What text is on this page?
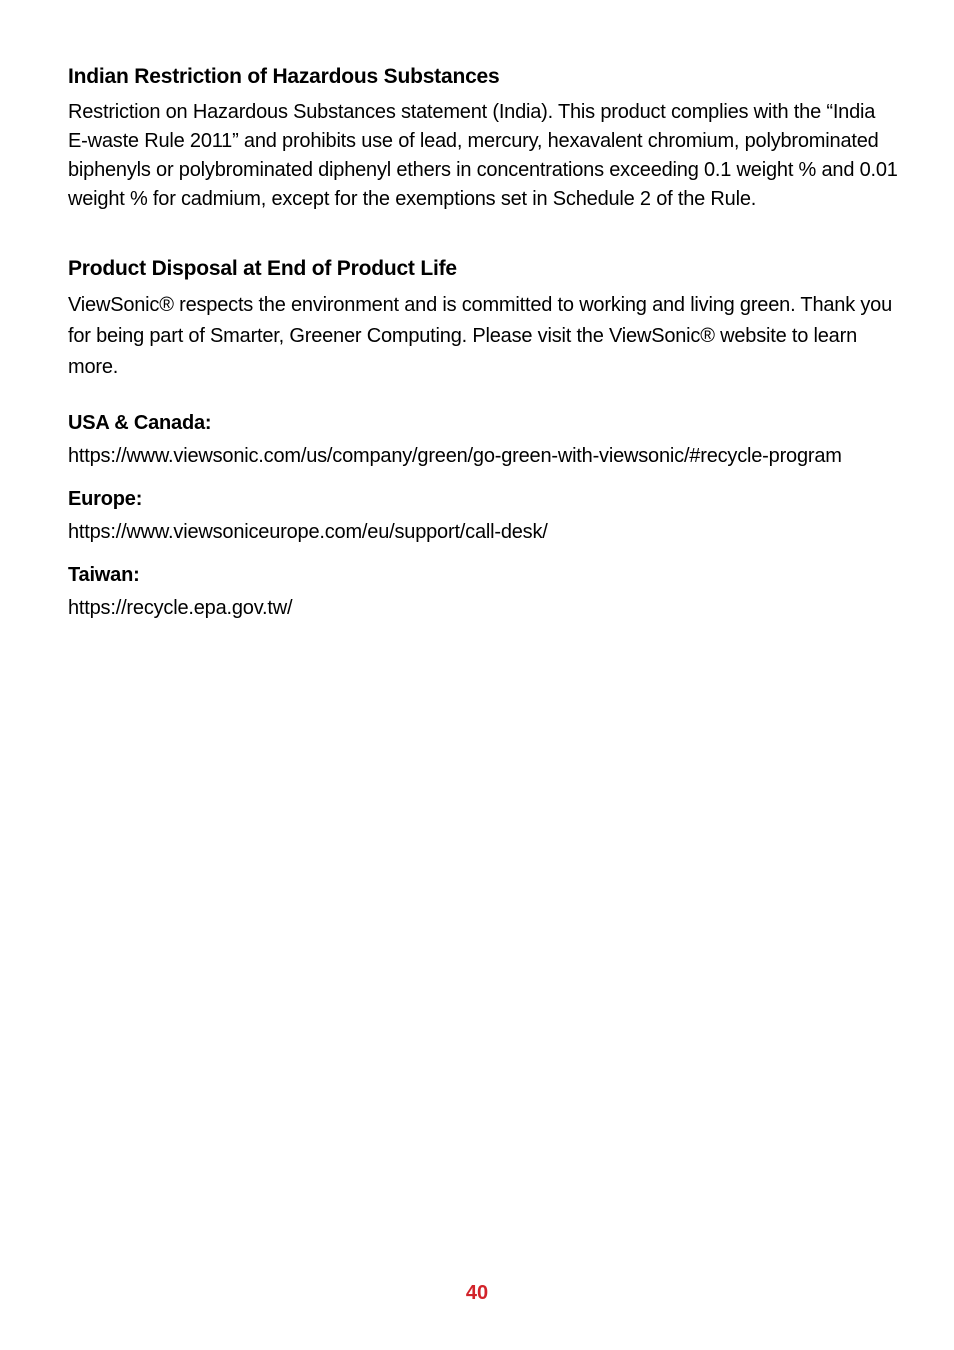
Indian Restriction of Hazardous Substances

Restriction on Hazardous Substances statement (India). This product complies with the “India E-waste Rule 2011” and prohibits use of lead, mercury, hexavalent chromium, polybrominated biphenyls or polybrominated diphenyl ethers in concentrations exceeding 0.1 weight % and 0.01 weight % for cadmium, except for the exemptions set in Schedule 2 of the Rule.

Product Disposal at End of Product Life

ViewSonic® respects the environment and is committed to working and living green. Thank you for being part of Smarter, Greener Computing. Please visit the ViewSonic® website to learn more.

USA & Canada:

https://www.viewsonic.com/us/company/green/go-green-with-viewsonic/#recycle-program

Europe:

https://www.viewsoniceurope.com/eu/support/call-desk/

Taiwan:

https://recycle.epa.gov.tw/

40
